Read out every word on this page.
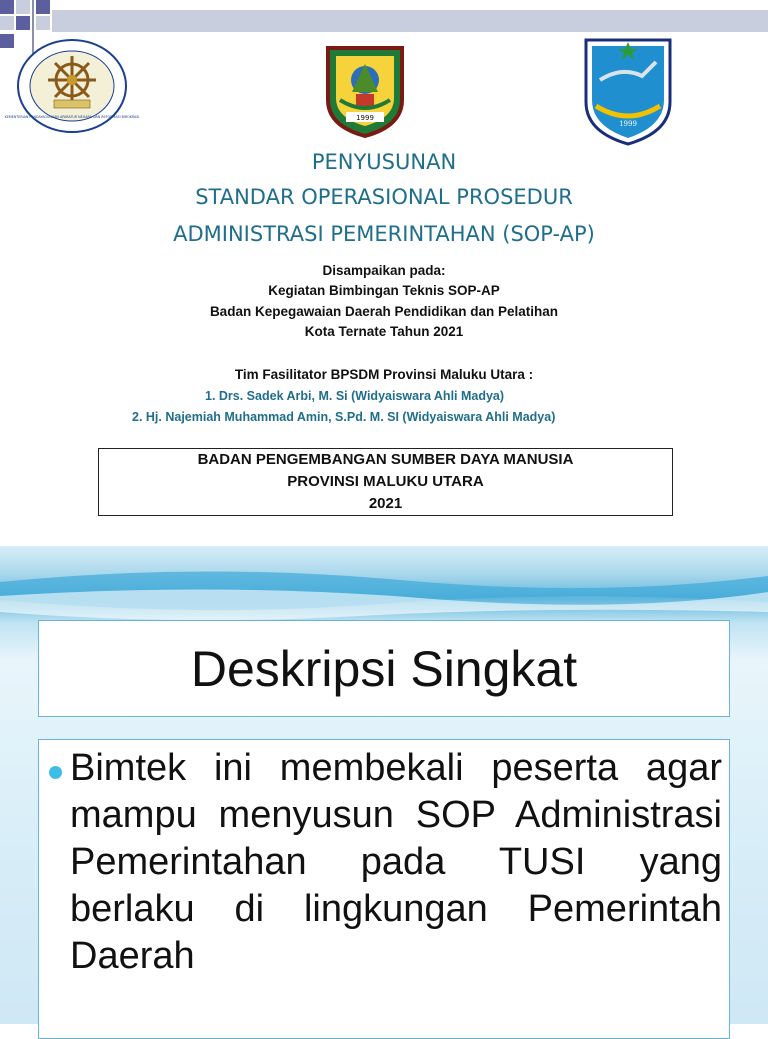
KEMENTERIAN PENDAYAGUNAAN APARATUR NEGARA DAN REFORMASI BIROKRASI	1999
1999
PENYUSUNAN
STANDAR OPERASIONAL PROSEDUR
ADMINISTRASI PEMERINTAHAN (SOP-AP)
Disampaikan pada:
Kegiatan Bimbingan Teknis SOP-AP
Badan Kepegawaian Daerah Pendidikan dan Pelatihan
Kota Ternate Tahun 2021
Tim Fasilitator BPSDM Provinsi Maluku Utara :
1. Drs. Sadek Arbi, M. Si (Widyaiswara Ahli Madya)
2. Hj. Najemiah Muhammad Amin, S.Pd. M. SI (Widyaiswara Ahli Madya)
BADAN PENGEMBANGAN SUMBER DAYA MANUSIA
PROVINSI MALUKU UTARA
2021
Deskripsi Singkat
Bimtek ini membekali peserta agar mampu menyusun SOP Administrasi Pemerintahan pada TUSI yang berlaku di lingkungan Pemerintah Daerah
